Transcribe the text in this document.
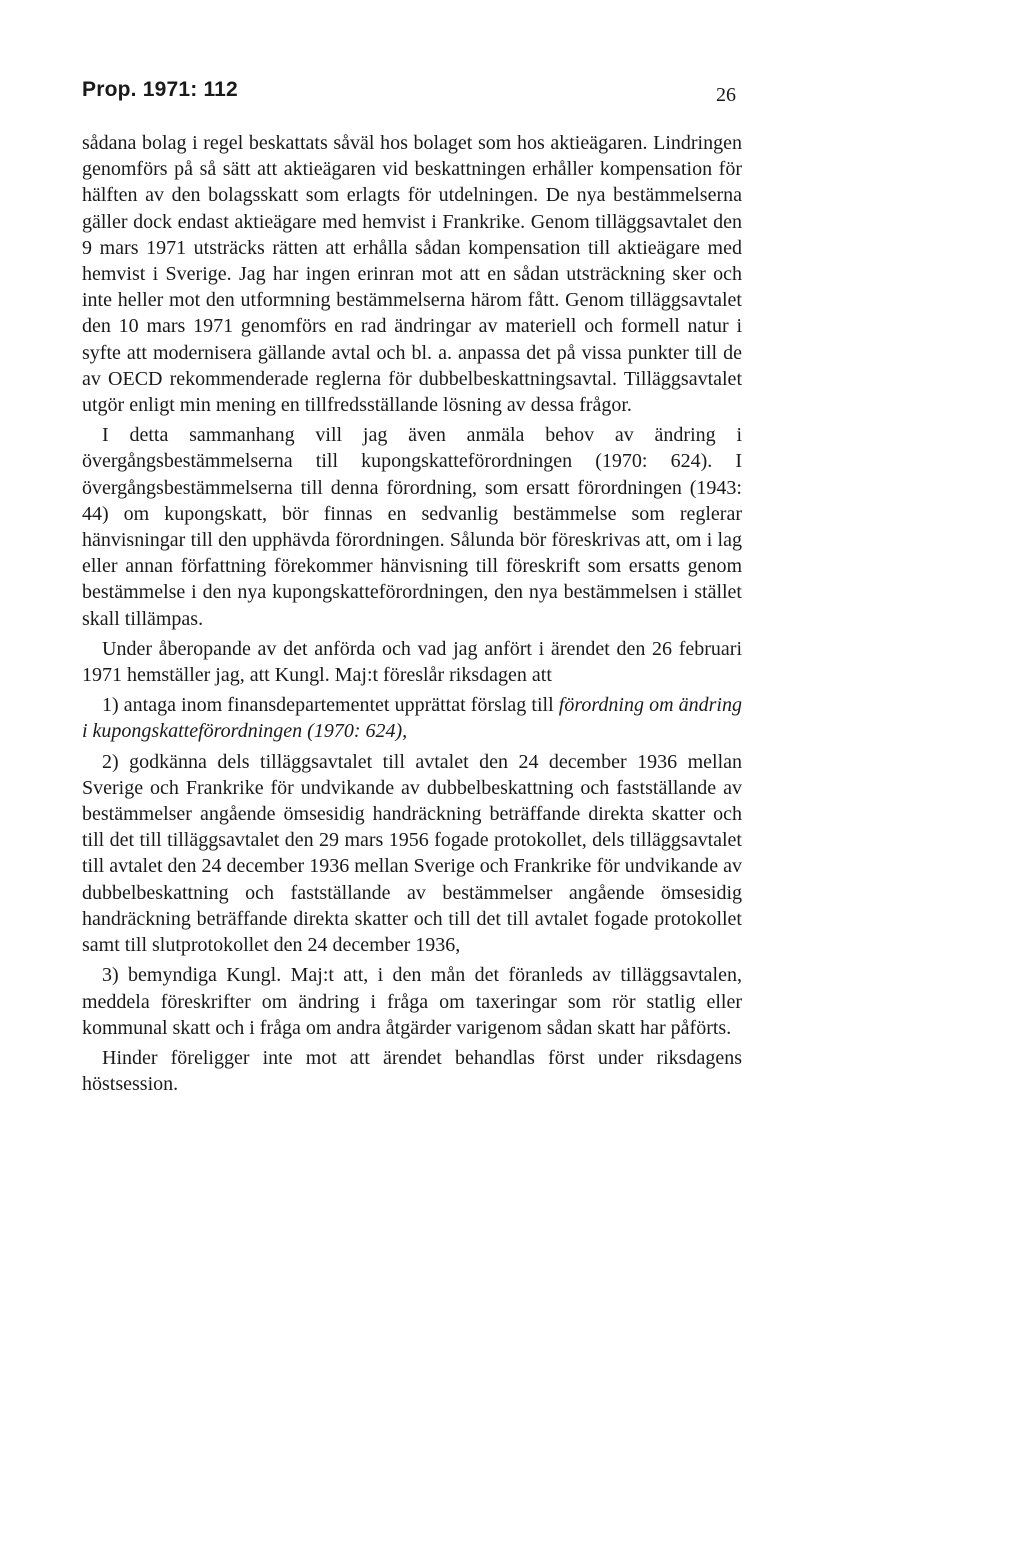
Prop. 1971: 112	26

sådana bolag i regel beskattats såväl hos bolaget som hos aktieägaren. Lindringen genomförs på så sätt att aktieägaren vid beskattningen erhåller kompensation för hälften av den bolagsskatt som erlagts för utdelningen. De nya bestämmelserna gäller dock endast aktieägare med hemvist i Frankrike. Genom tilläggsavtalet den 9 mars 1971 utsträcks rätten att erhålla sådan kompensation till aktieägare med hemvist i Sverige. Jag har ingen erinran mot att en sådan utsträckning sker och inte heller mot den utformning bestämmelserna härom fått. Genom tilläggsavtalet den 10 mars 1971 genomförs en rad ändringar av materiell och formell natur i syfte att modernisera gällande avtal och bl. a. anpassa det på vissa punkter till de av OECD rekommenderade reglerna för dubbelbeskattningsavtal. Tilläggsavtalet utgör enligt min mening en tillfredsställande lösning av dessa frågor.

I detta sammanhang vill jag även anmäla behov av ändring i övergångsbestämmelserna till kupongskatteförordningen (1970: 624). I övergångsbestämmelserna till denna förordning, som ersatt förordningen (1943: 44) om kupongskatt, bör finnas en sedvanlig bestämmelse som reglerar hänvisningar till den upphävda förordningen. Sålunda bör föreskrivas att, om i lag eller annan författning förekommer hänvisning till föreskrift som ersatts genom bestämmelse i den nya kupongskatteförordningen, den nya bestämmelsen i stället skall tillämpas.

Under åberopande av det anförda och vad jag anfört i ärendet den 26 februari 1971 hemställer jag, att Kungl. Maj:t föreslår riksdagen att

1) antaga inom finansdepartementet upprättat förslag till förordning om ändring i kupongskatteförordningen (1970: 624),

2) godkänna dels tilläggsavtalet till avtalet den 24 december 1936 mellan Sverige och Frankrike för undvikande av dubbelbeskattning och fastställande av bestämmelser angående ömsesidig handräckning beträffande direkta skatter och till det till tilläggsavtalet den 29 mars 1956 fogade protokollet, dels tilläggsavtalet till avtalet den 24 december 1936 mellan Sverige och Frankrike för undvikande av dubbelbeskattning och fastställande av bestämmelser angående ömsesidig handräckning beträffande direkta skatter och till det till avtalet fogade protokollet samt till slutprotokollet den 24 december 1936,

3) bemyndiga Kungl. Maj:t att, i den mån det föranleds av tilläggsavtalen, meddela föreskrifter om ändring i fråga om taxeringar som rör statlig eller kommunal skatt och i fråga om andra åtgärder varigenom sådan skatt har påförts.

Hinder föreligger inte mot att ärendet behandlas först under riksdagens höstsession.
